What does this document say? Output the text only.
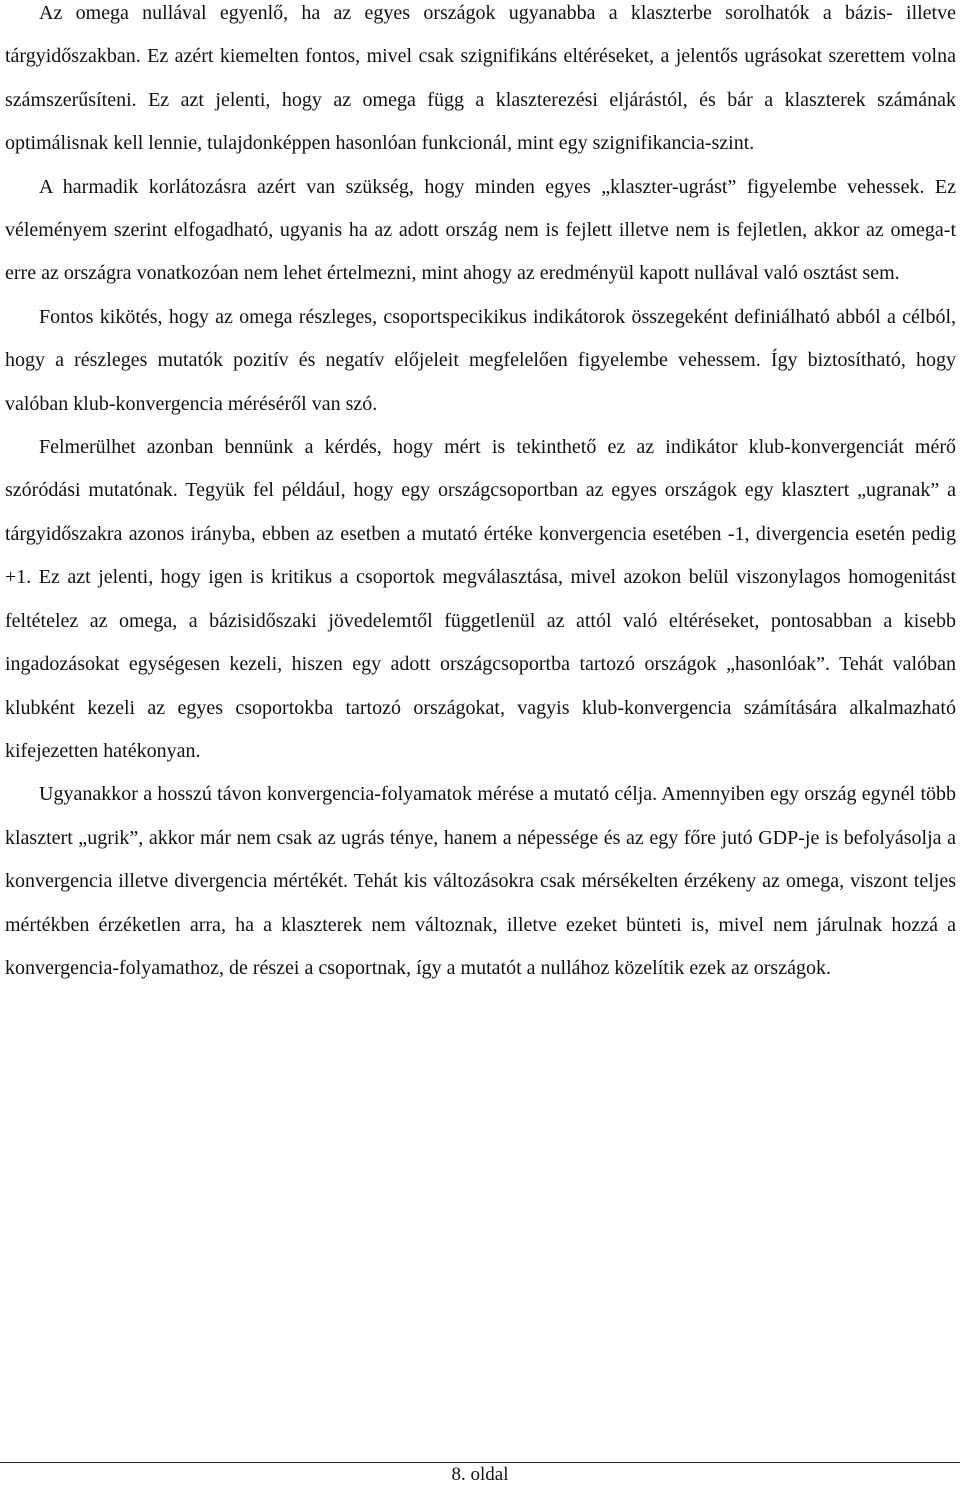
Az omega nullával egyenlő, ha az egyes országok ugyanabba a klaszterbe sorolhatók a bázis- illetve tárgyidőszakban. Ez azért kiemelten fontos, mivel csak szignifikáns eltéréseket, a jelentős ugrásokat szerettem volna számszerűsíteni. Ez azt jelenti, hogy az omega függ a klaszterezési eljárástól, és bár a klaszterek számának optimálisnak kell lennie, tulajdonképpen hasonlóan funkcionál, mint egy szignifikancia-szint.

A harmadik korlátozásra azért van szükség, hogy minden egyes „klaszter-ugrást” figyelembe vehessek. Ez véleményem szerint elfogadható, ugyanis ha az adott ország nem is fejlett illetve nem is fejletlen, akkor az omega-t erre az országra vonatkozóan nem lehet értelmezni, mint ahogy az eredményül kapott nullával való osztást sem.

Fontos kikötés, hogy az omega részleges, csoportspecikikus indikátorok összegeként definiálható abból a célból, hogy a részleges mutatók pozitív és negatív előjeleit megfelelően figyelembe vehessem. Így biztosítható, hogy valóban klub-konvergencia méréséről van szó.

Felmerülhet azonban bennünk a kérdés, hogy mért is tekinthető ez az indikátor klub-konvergenciát mérő szóródási mutatónak. Tegyük fel például, hogy egy országcsoportban az egyes országok egy klasztert „ugranak” a tárgyidőszakra azonos irányba, ebben az esetben a mutató értéke konvergencia esetében -1, divergencia esetén pedig +1. Ez azt jelenti, hogy igen is kritikus a csoportok megválasztása, mivel azokon belül viszonylagos homogenitást feltételez az omega, a bázisidőszaki jövedelemtől függetlenül az attól való eltéréseket, pontosabban a kisebb ingadozásokat egységesen kezeli, hiszen egy adott országcsoportba tartozó országok „hasonlóak”. Tehát valóban klubként kezeli az egyes csoportokba tartozó országokat, vagyis klub-konvergencia számítására alkalmazható kifejezetten hatékonyan.

Ugyanakkor a hosszú távon konvergencia-folyamatok mérése a mutató célja. Amennyiben egy ország egynél több klasztert „ugrik”, akkor már nem csak az ugrás ténye, hanem a népessége és az egy főre jutó GDP-je is befolyásolja a konvergencia illetve divergencia mértékét. Tehát kis változásokra csak mérsékelten érzékeny az omega, viszont teljes mértékben érzéketlen arra, ha a klaszterek nem változnak, illetve ezeket bünteti is, mivel nem járulnak hozzá a konvergencia-folyamathoz, de részei a csoportnak, így a mutatót a nullához közelítik ezek az országok.

8. oldal
